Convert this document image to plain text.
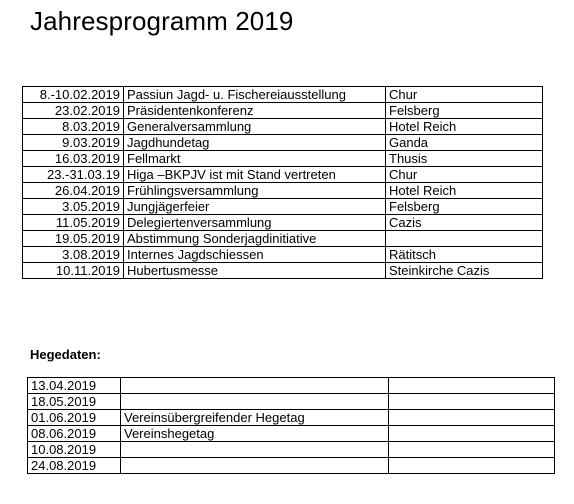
Jahresprogramm 2019
8.-10.02.2019	Passiun Jagd- u. Fischereiausstellung	Chur
23.02.2019	Präsidentenkonferenz	Felsberg
8.03.2019	Generalversammlung	Hotel Reich
9.03.2019	Jagdhundetag	Ganda
16.03.2019	Fellmarkt	Thusis
23.-31.03.19	Higa –BKPJV ist mit Stand vertreten	Chur
26.04.2019	Frühlingsversammlung	Hotel Reich
3.05.2019	Jungjägerfeier	Felsberg
11.05.2019	Delegiertenversammlung	Cazis
19.05.2019	Abstimmung Sonderjagdinitiative	
3.08.2019	Internes Jagdschiessen	Rätitsch
10.11.2019	Hubertusmesse	Steinkirche Cazis
Hegedaten:
13.04.2019		
18.05.2019		
01.06.2019	Vereinsübergreifender Hegetag	
08.06.2019	Vereinshegetag	
10.08.2019		
24.08.2019		
